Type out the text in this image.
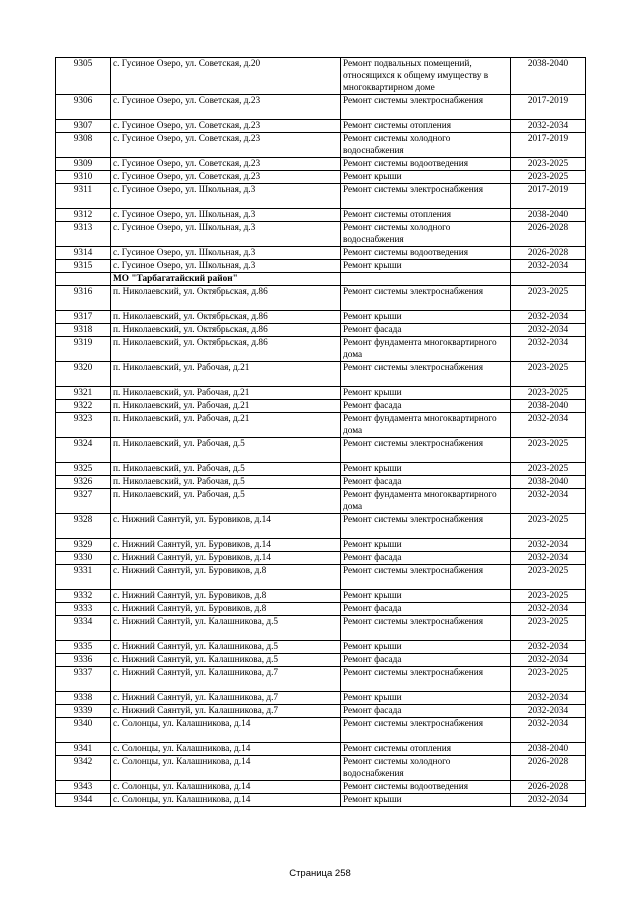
9305	с. Гусиное Озеро, ул. Советская, д.20	Ремонт подвальных помещений, относящихся к общему имуществу в многоквартирном доме	2038-2040
9306	с. Гусиное Озеро, ул. Советская, д.23	Ремонт системы электроснабжения	2017-2019
9307	с. Гусиное Озеро, ул. Советская, д.23	Ремонт системы отопления	2032-2034
9308	с. Гусиное Озеро, ул. Советская, д.23	Ремонт системы холодного водоснабжения	2017-2019
9309	с. Гусиное Озеро, ул. Советская, д.23	Ремонт системы водоотведения	2023-2025
9310	с. Гусиное Озеро, ул. Советская, д.23	Ремонт крыши	2023-2025
9311	с. Гусиное Озеро, ул. Школьная, д.3	Ремонт системы электроснабжения	2017-2019
9312	с. Гусиное Озеро, ул. Школьная, д.3	Ремонт системы отопления	2038-2040
9313	с. Гусиное Озеро, ул. Школьная, д.3	Ремонт системы холодного водоснабжения	2026-2028
9314	с. Гусиное Озеро, ул. Школьная, д.3	Ремонт системы водоотведения	2026-2028
9315	с. Гусиное Озеро, ул. Школьная, д.3	Ремонт крыши	2032-2034
	МО "Тарбагатайский район"		
9316	п. Николаевский, ул. Октябрьская, д.86	Ремонт системы электроснабжения	2023-2025
9317	п. Николаевский, ул. Октябрьская, д.86	Ремонт крыши	2032-2034
9318	п. Николаевский, ул. Октябрьская, д.86	Ремонт фасада	2032-2034
9319	п. Николаевский, ул. Октябрьская, д.86	Ремонт фундамента многоквартирного дома	2032-2034
9320	п. Николаевский, ул. Рабочая, д.21	Ремонт системы электроснабжения	2023-2025
9321	п. Николаевский, ул. Рабочая, д.21	Ремонт крыши	2023-2025
9322	п. Николаевский, ул. Рабочая, д.21	Ремонт фасада	2038-2040
9323	п. Николаевский, ул. Рабочая, д.21	Ремонт фундамента многоквартирного дома	2032-2034
9324	п. Николаевский, ул. Рабочая, д.5	Ремонт системы электроснабжения	2023-2025
9325	п. Николаевский, ул. Рабочая, д.5	Ремонт крыши	2023-2025
9326	п. Николаевский, ул. Рабочая, д.5	Ремонт фасада	2038-2040
9327	п. Николаевский, ул. Рабочая, д.5	Ремонт фундамента многоквартирного дома	2032-2034
9328	с. Нижний Саянтуй, ул. Буровиков, д.14	Ремонт системы электроснабжения	2023-2025
9329	с. Нижний Саянтуй, ул. Буровиков, д.14	Ремонт крыши	2032-2034
9330	с. Нижний Саянтуй, ул. Буровиков, д.14	Ремонт фасада	2032-2034
9331	с. Нижний Саянтуй, ул. Буровиков, д.8	Ремонт системы электроснабжения	2023-2025
9332	с. Нижний Саянтуй, ул. Буровиков, д.8	Ремонт крыши	2023-2025
9333	с. Нижний Саянтуй, ул. Буровиков, д.8	Ремонт фасада	2032-2034
9334	с. Нижний Саянтуй, ул. Калашникова, д.5	Ремонт системы электроснабжения	2023-2025
9335	с. Нижний Саянтуй, ул. Калашникова, д.5	Ремонт крыши	2032-2034
9336	с. Нижний Саянтуй, ул. Калашникова, д.5	Ремонт фасада	2032-2034
9337	с. Нижний Саянтуй, ул. Калашникова, д.7	Ремонт системы электроснабжения	2023-2025
9338	с. Нижний Саянтуй, ул. Калашникова, д.7	Ремонт крыши	2032-2034
9339	с. Нижний Саянтуй, ул. Калашникова, д.7	Ремонт фасада	2032-2034
9340	с. Солонцы, ул. Калашникова, д.14	Ремонт системы электроснабжения	2032-2034
9341	с. Солонцы, ул. Калашникова, д.14	Ремонт системы отопления	2038-2040
9342	с. Солонцы, ул. Калашникова, д.14	Ремонт системы холодного водоснабжения	2026-2028
9343	с. Солонцы, ул. Калашникова, д.14	Ремонт системы водоотведения	2026-2028
9344	с. Солонцы, ул. Калашникова, д.14	Ремонт крыши	2032-2034
Страница 258
